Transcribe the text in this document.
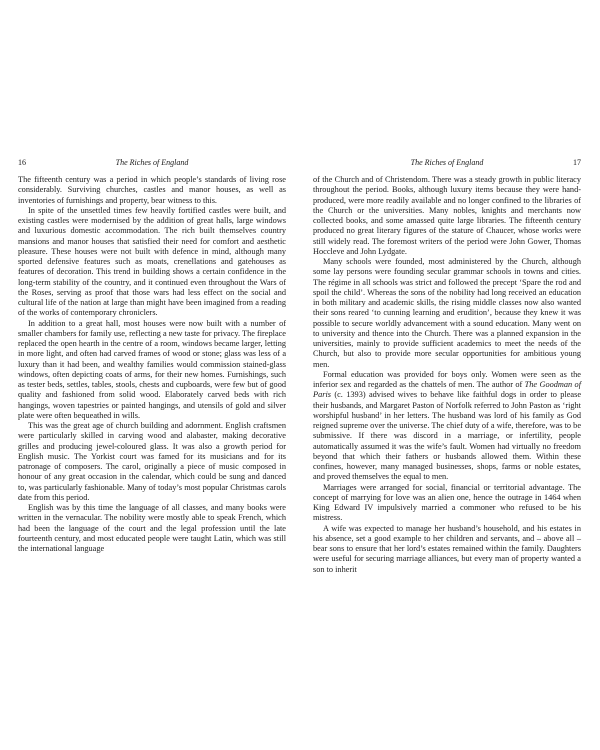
16	The Riches of England

The fifteenth century was a period in which people’s standards of living rose considerably. Surviving churches, castles and manor houses, as well as inventories of furnishings and property, bear witness to this.

In spite of the unsettled times few heavily fortified castles were built, and existing castles were modernised by the addition of great halls, large windows and luxurious domestic accommodation. The rich built themselves country mansions and manor houses that satisfied their need for comfort and aesthetic pleasure. These houses were not built with defence in mind, although many sported defensive features such as moats, crenellations and gatehouses as features of decoration. This trend in building shows a certain confidence in the long-term stability of the country, and it continued even throughout the Wars of the Roses, serving as proof that those wars had less effect on the social and cultural life of the nation at large than might have been imagined from a reading of the works of contemporary chroniclers.

In addition to a great hall, most houses were now built with a number of smaller chambers for family use, reflecting a new taste for privacy. The fireplace replaced the open hearth in the centre of a room, windows became larger, letting in more light, and often had carved frames of wood or stone; glass was less of a luxury than it had been, and wealthy families would commission stained-glass windows, often depicting coats of arms, for their new homes. Furnishings, such as tester beds, settles, tables, stools, chests and cupboards, were few but of good quality and fashioned from solid wood. Elaborately carved beds with rich hangings, woven tapestries or painted hangings, and utensils of gold and silver plate were often bequeathed in wills.

This was the great age of church building and adornment. English craftsmen were particularly skilled in carving wood and alabaster, making decorative grilles and producing jewel-coloured glass. It was also a growth period for English music. The Yorkist court was famed for its musicians and for its patronage of composers. The carol, originally a piece of music composed in honour of any great occasion in the calendar, which could be sung and danced to, was particularly fashionable. Many of today’s most popular Christmas carols date from this period.

English was by this time the language of all classes, and many books were written in the vernacular. The nobility were mostly able to speak French, which had been the language of the court and the legal profession until the late fourteenth century, and most educated people were taught Latin, which was still the international language

The Riches of England	17

of the Church and of Christendom. There was a steady growth in public literacy throughout the period. Books, although luxury items because they were hand-produced, were more readily available and no longer confined to the libraries of the Church or the universities. Many nobles, knights and merchants now collected books, and some amassed quite large libraries. The fifteenth century produced no great literary figures of the stature of Chaucer, whose works were still widely read. The foremost writers of the period were John Gower, Thomas Hoccleve and John Lydgate.

Many schools were founded, most administered by the Church, although some lay persons were founding secular grammar schools in towns and cities. The régime in all schools was strict and followed the precept ‘Spare the rod and spoil the child’. Whereas the sons of the nobility had long received an education in both military and academic skills, the rising middle classes now also wanted their sons reared ‘to cunning learning and erudition’, because they knew it was possible to secure worldly advancement with a sound education. Many went on to university and thence into the Church. There was a planned expansion in the universities, mainly to provide sufficient academics to meet the needs of the Church, but also to provide more secular opportunities for ambitious young men.

Formal education was provided for boys only. Women were seen as the inferior sex and regarded as the chattels of men. The author of The Goodman of Paris (c. 1393) advised wives to behave like faithful dogs in order to please their husbands, and Margaret Paston of Norfolk referred to John Paston as ‘right worshipful husband’ in her letters. The husband was lord of his family as God reigned supreme over the universe. The chief duty of a wife, therefore, was to be submissive. If there was discord in a marriage, or infertility, people automatically assumed it was the wife’s fault. Women had virtually no freedom beyond that which their fathers or husbands allowed them. Within these confines, however, many managed businesses, shops, farms or noble estates, and proved themselves the equal to men.

Marriages were arranged for social, financial or territorial advantage. The concept of marrying for love was an alien one, hence the outrage in 1464 when King Edward IV impulsively married a commoner who refused to be his mistress.

A wife was expected to manage her husband’s household, and his estates in his absence, set a good example to her children and servants, and – above all – bear sons to ensure that her lord’s estates remained within the family. Daughters were useful for securing marriage alliances, but every man of property wanted a son to inherit
